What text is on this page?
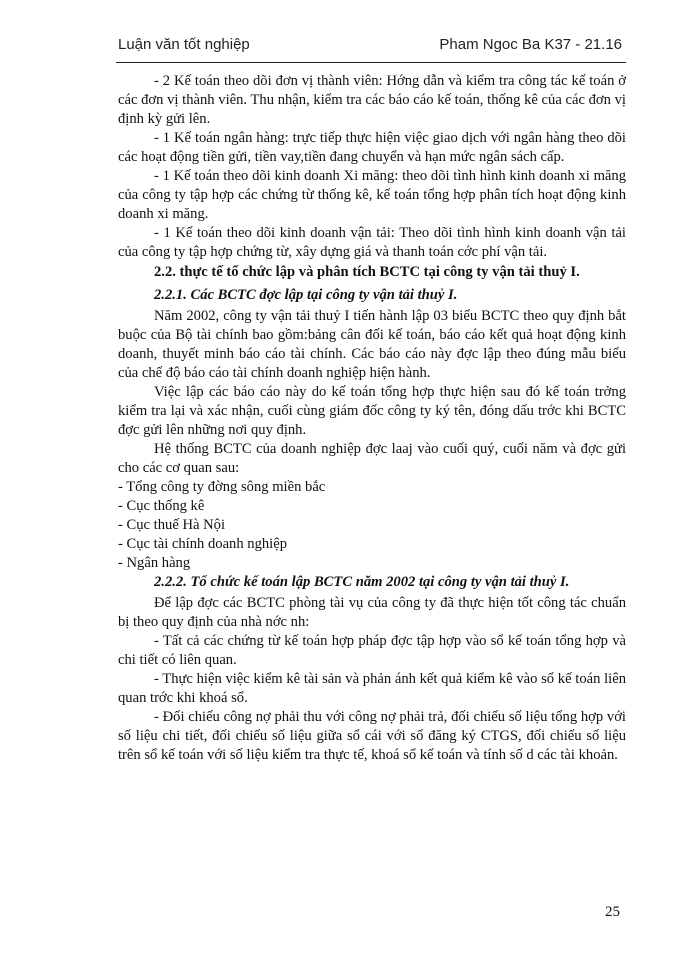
Luận văn tốt nghiệp	Pham Ngoc Ba K37 - 21.16

- 2 Kế toán theo dõi đơn vị thành viên: Hớng dẫn và kiểm tra công tác kế toán ở các đơn vị thành viên. Thu nhận, kiểm tra các báo cáo kế toán, thống kê của các đơn vị định kỳ gửi lên.

- 1 Kế toán ngân hàng: trực tiếp thực hiện việc giao dịch với ngân hàng theo dõi các hoạt động tiền gửi, tiền vay,tiền đang chuyển và hạn mức ngân sách cấp.

- 1 Kế toán theo dõi kinh doanh Xi măng: theo dõi tình hình kinh doanh xi măng của công ty tập hợp các chứng từ thống kê, kế toán tổng hợp phân tích hoạt động kinh doanh xi măng.

- 1 Kế toán theo dõi kinh doanh vận tải: Theo dõi tình hình kinh doanh vận tải của công ty tập hợp chứng từ, xây dựng giá và thanh toán cớc phí vận tải.

2.2. thực tế tổ chức lập và phân tích BCTC tại công ty vận tải thuỷ I.

2.2.1. Các BCTC đợc lập tại công ty vận tải thuỷ I.

Năm 2002, công ty vận tải thuỷ I tiến hành lập 03 biểu BCTC theo quy định bắt buộc của Bộ tài chính bao gồm:bảng cân đối kế toán, báo cáo kết quả hoạt động kinh doanh, thuyết minh báo cáo tài chính. Các báo cáo này đợc lập theo đúng mẫu biểu của chế độ báo cáo tài chính doanh nghiệp hiện hành.

Việc lập các báo cáo này do kế toán tổng hợp thực hiện sau đó kế toán trởng kiểm tra lại và xác nhận, cuối cùng giám đốc công ty ký tên, đóng dấu trớc khi BCTC đợc gửi lên những nơi quy định.

Hệ thống BCTC của doanh nghiệp đợc laaj vào cuối quý, cuối năm và đợc gửi cho các cơ quan sau:

- Tổng công ty đờng sông miền bắc

- Cục thống kê

- Cục thuế Hà Nội

- Cục tài chính doanh nghiệp

- Ngân hàng

2.2.2. Tổ chức kế toán lập BCTC năm 2002 tại công ty vận tải thuỷ I.

Để lập đợc các BCTC phòng tài vụ của công ty đã thực hiện tốt công tác chuẩn bị theo quy định của nhà nớc nh:

- Tất cả các chứng từ kế toán hợp pháp đợc tập hợp vào sổ kế toán tổng hợp và chi tiết có liên quan.

- Thực hiện việc kiểm kê tài sản và phản ánh kết quả kiểm kê vào sổ kế toán liên quan trớc khi khoá sổ.

- Đối chiếu công nợ phải thu với công nợ phải trả, đối chiếu số liệu tổng hợp với số liệu chi tiết, đối chiếu số liệu giữa sổ cái với sổ đăng ký CTGS, đối chiếu số liệu trên sổ kế toán với số liệu kiểm tra thực tế, khoá sổ kế toán và tính số d các tài khoản.

25
